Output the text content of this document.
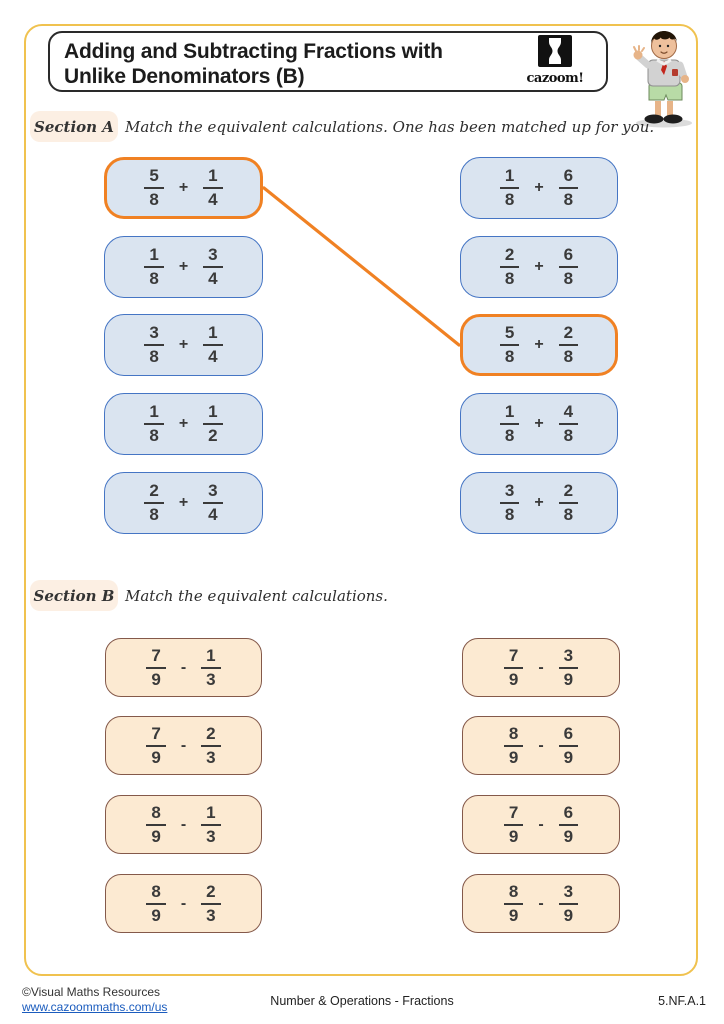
Adding and Subtracting Fractions with
Unlike Denominators (B)	cazoom!
Section A Match the equivalent calculations. One has been matched up for you.
Section B Match the equivalent calculations.
$\frac{5}{8} + \frac{1}{4}$
$\frac{1}{8} + \frac{3}{4}$
$\frac{3}{8} + \frac{1}{4}$
$\frac{1}{8} + \frac{1}{2}$
$\frac{2}{8} + \frac{3}{4}$
$\frac{1}{8} + \frac{6}{8}$
$\frac{2}{8} + \frac{6}{8}$
$\frac{5}{8} + \frac{2}{8}$
$\frac{1}{8} + \frac{4}{8}$
$\frac{3}{8} + \frac{2}{8}$
$\frac{7}{9} - \frac{1}{3}$
$\frac{7}{9} - \frac{2}{3}$
$\frac{8}{9} - \frac{1}{3}$
$\frac{8}{9} - \frac{2}{3}$
$\frac{7}{9} - \frac{3}{9}$
$\frac{8}{9} - \frac{6}{9}$
$\frac{7}{9} - \frac{6}{9}$
$\frac{8}{9} - \frac{3}{9}$
©Visual Maths Resources
www.cazoommaths.com/us	Number & Operations - Fractions	5.NF.A.1
